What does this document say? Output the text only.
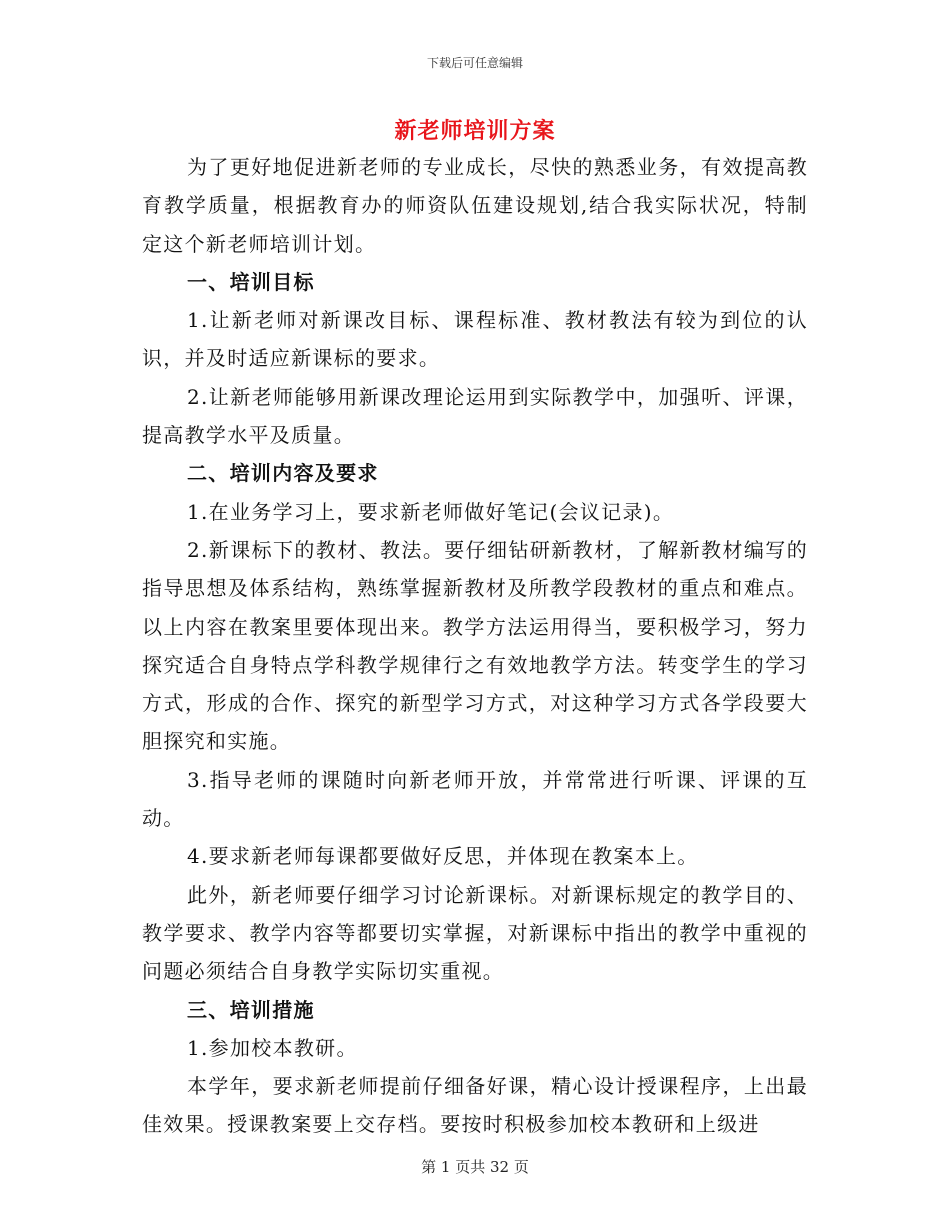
下载后可任意编辑
新老师培训方案

为了更好地促进新老师的专业成长，尽快的熟悉业务，有效提高教育教学质量，根据教育办的师资队伍建设规划,结合我实际状况，特制定这个新老师培训计划。

一、培训目标

1.让新老师对新课改目标、课程标准、教材教法有较为到位的认识，并及时适应新课标的要求。

2.让新老师能够用新课改理论运用到实际教学中，加强听、评课，提高教学水平及质量。

二、培训内容及要求

1.在业务学习上，要求新老师做好笔记(会议记录)。

2.新课标下的教材、教法。要仔细钻研新教材，了解新教材编写的指导思想及体系结构，熟练掌握新教材及所教学段教材的重点和难点。以上内容在教案里要体现出来。教学方法运用得当，要积极学习，努力探究适合自身特点学科教学规律行之有效地教学方法。转变学生的学习方式，形成的合作、探究的新型学习方式，对这种学习方式各学段要大胆探究和实施。

3.指导老师的课随时向新老师开放，并常常进行听课、评课的互动。

4.要求新老师每课都要做好反思，并体现在教案本上。

此外，新老师要仔细学习讨论新课标。对新课标规定的教学目的、教学要求、教学内容等都要切实掌握，对新课标中指出的教学中重视的问题必须结合自身教学实际切实重视。

三、培训措施

1.参加校本教研。

本学年，要求新老师提前仔细备好课，精心设计授课程序，上出最佳效果。授课教案要上交存档。要按时积极参加校本教研和上级进

第 1 页共 32 页
